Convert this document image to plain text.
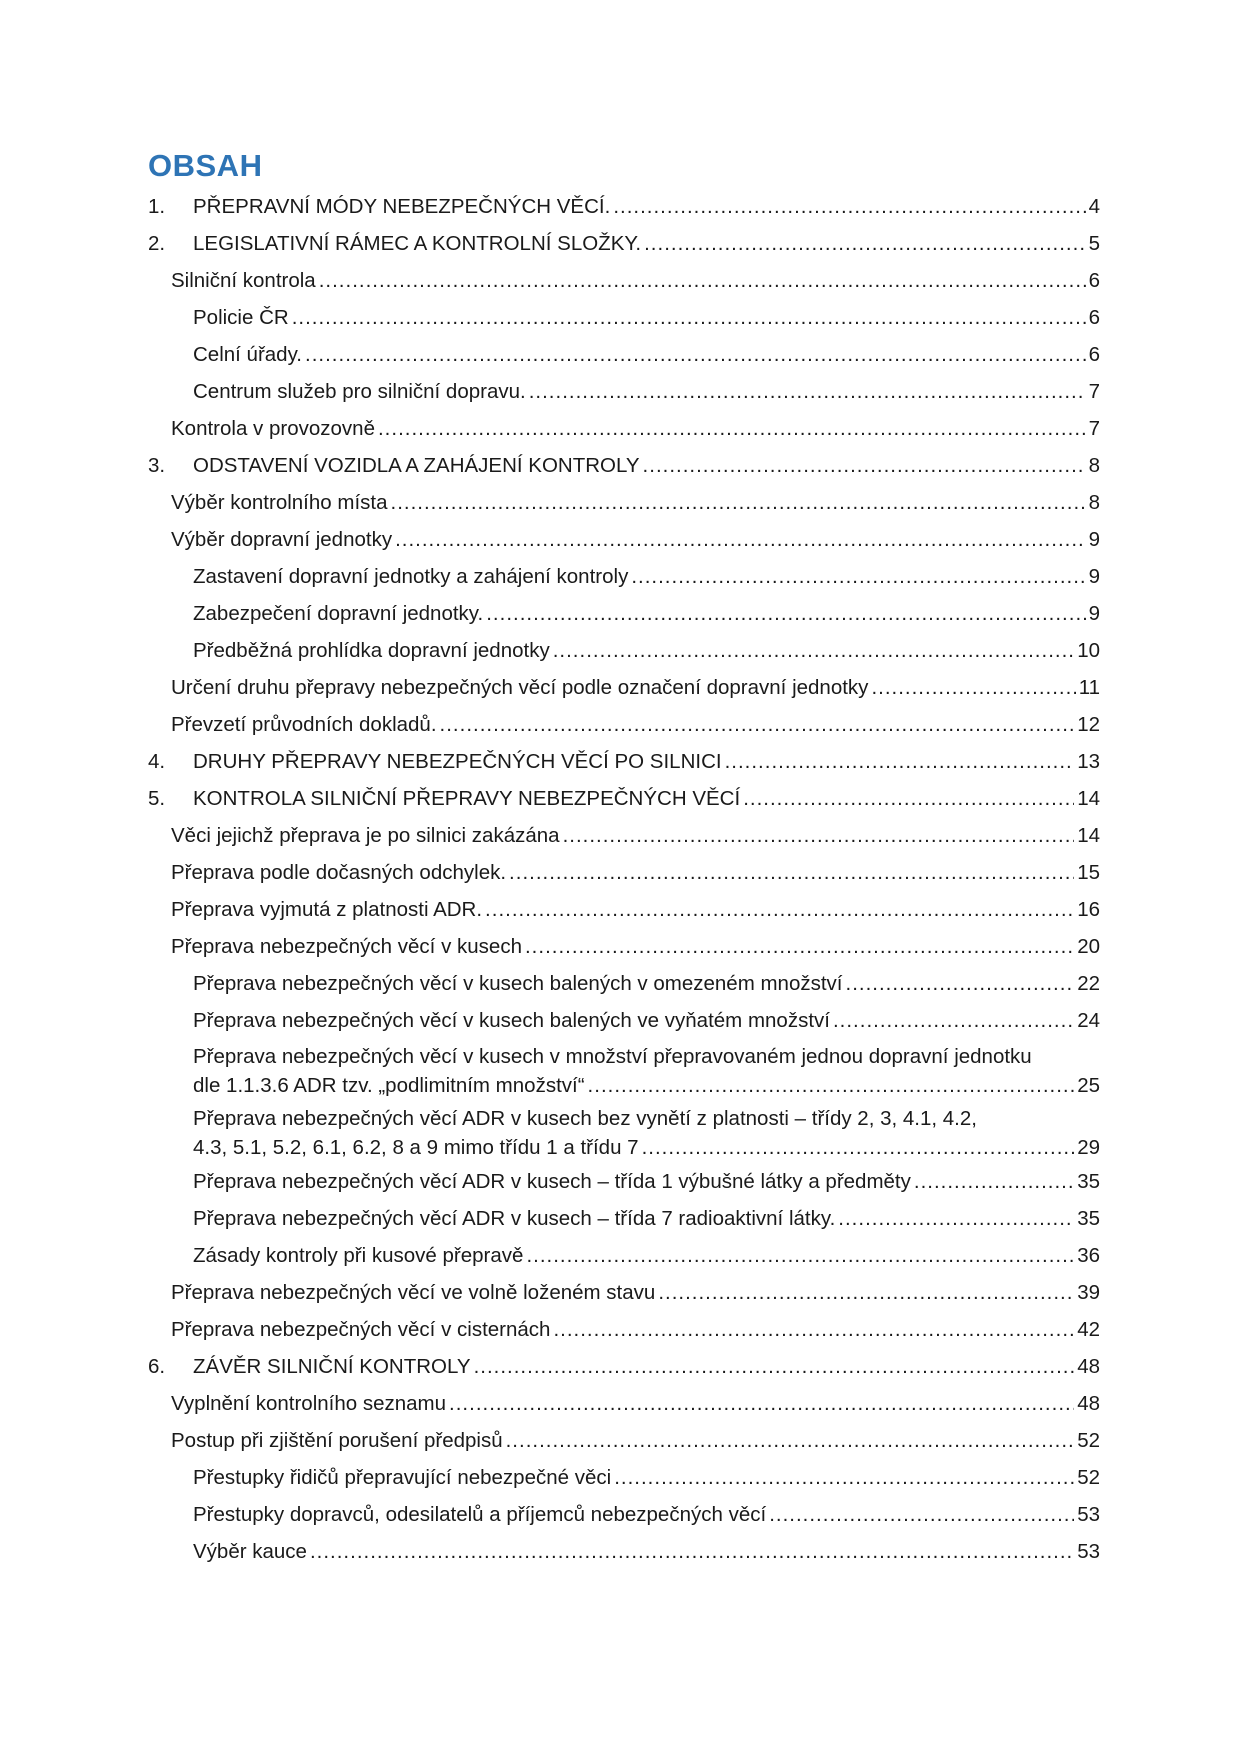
OBSAH
1.	PŘEPRAVNÍ MÓDY NEBEZPEČNÝCH VĚCÍ. .....	4
2.	LEGISLATIVNÍ RÁMEC A KONTROLNÍ SLOŽKY. .....	5
Silniční kontrola .....	6
Policie ČR .....	6
Celní úřady. .....	6
Centrum služeb pro silniční dopravu. .....	7
Kontrola v provozovně .....	7
3.	ODSTAVENÍ VOZIDLA A ZAHÁJENÍ KONTROLY .....	8
Výběr kontrolního místa .....	8
Výběr dopravní jednotky .....	9
Zastavení dopravní jednotky a zahájení kontroly .....	9
Zabezpečení dopravní jednotky. .....	9
Předběžná prohlídka dopravní jednotky .....	10
Určení druhu přepravy nebezpečných věcí podle označení dopravní jednotky .....	11
Převzetí průvodních dokladů. .....	12
4.	DRUHY PŘEPRAVY NEBEZPEČNÝCH VĚCÍ PO SILNICI .....	13
5.	KONTROLA SILNIČNÍ PŘEPRAVY NEBEZPEČNÝCH VĚCÍ .....	14
Věci jejichž přeprava je po silnici zakázána .....	14
Přeprava podle dočasných odchylek. .....	15
Přeprava vyjmutá z platnosti ADR. .....	16
Přeprava nebezpečných věcí v kusech .....	20
Přeprava nebezpečných věcí v kusech balených v omezeném množství .....	22
Přeprava nebezpečných věcí v kusech balených ve vyňatém množství .....	24
Přeprava nebezpečných věcí v kusech v množství přepravovaném jednou dopravní jednotku
dle 1.1.3.6 ADR tzv. „podlimitním množství“ .....	25
Přeprava nebezpečných věcí ADR v kusech bez vynětí z platnosti – třídy 2, 3, 4.1, 4.2,
4.3, 5.1, 5.2, 6.1, 6.2, 8 a 9 mimo třídu 1 a třídu 7 .....	29
Přeprava nebezpečných věcí ADR v kusech – třída 1 výbušné látky a předměty .....	35
Přeprava nebezpečných věcí ADR v kusech – třída 7 radioaktivní látky. .....	35
Zásady kontroly při kusové přepravě .....	36
Přeprava nebezpečných věcí ve volně loženém stavu .....	39
Přeprava nebezpečných věcí v cisternách .....	42
6.	ZÁVĚR SILNIČNÍ KONTROLY .....	48
Vyplnění kontrolního seznamu .....	48
Postup při zjištění porušení předpisů .....	52
Přestupky řidičů přepravující nebezpečné věci .....	52
Přestupky dopravců, odesilatelů a příjemců nebezpečných věcí .....	53
Výběr kauce .....	53
